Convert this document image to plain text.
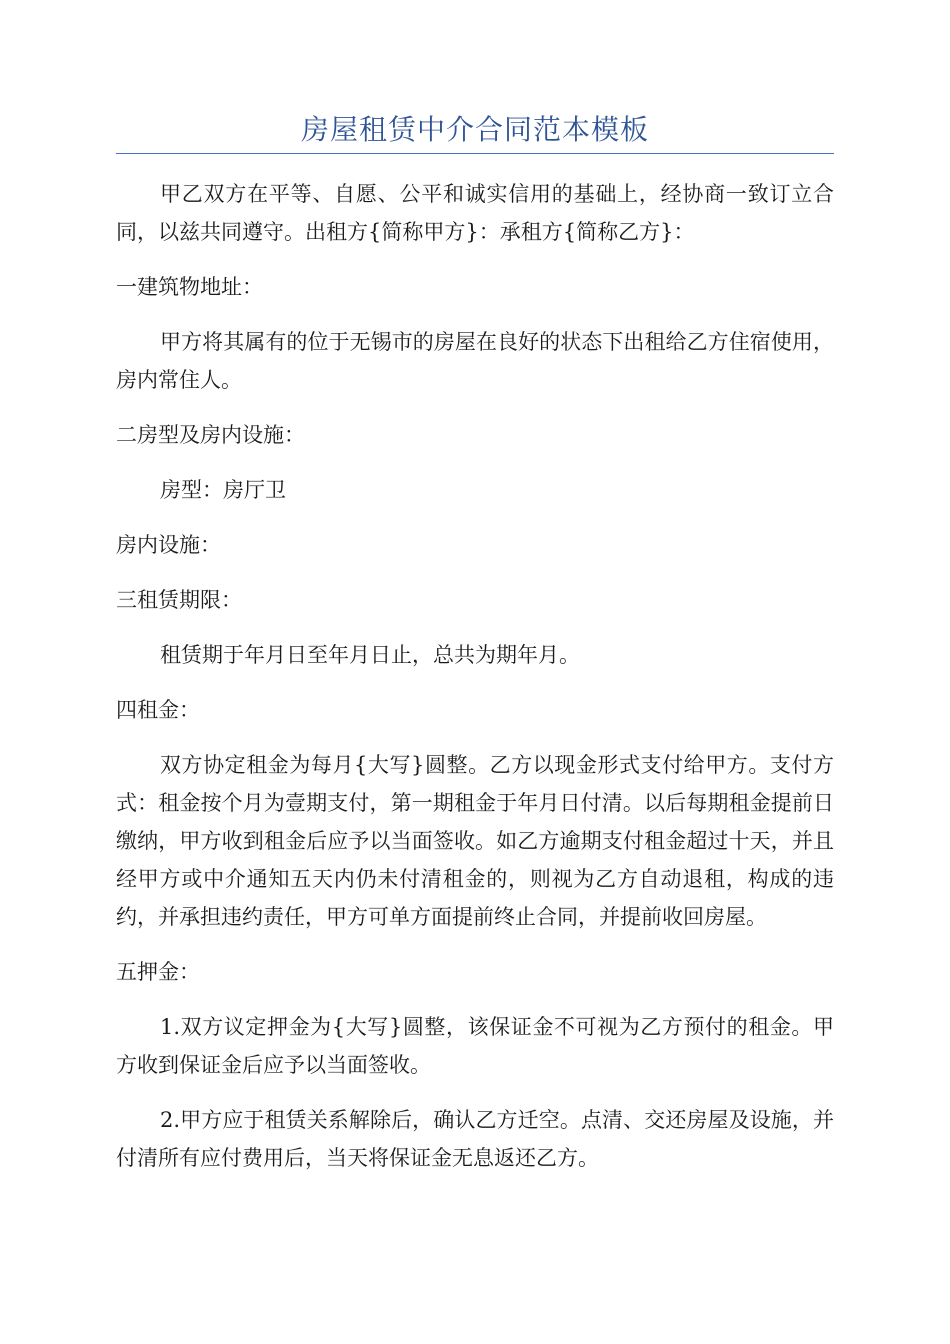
房屋租赁中介合同范本模板

甲乙双方在平等、自愿、公平和诚实信用的基础上，经协商一致订立合同，以兹共同遵守。出租方{简称甲方}：承租方{简称乙方}：

一建筑物地址：

甲方将其属有的位于无锡市的房屋在良好的状态下出租给乙方住宿使用，房内常住人。

二房型及房内设施：

房型：房厅卫

房内设施：

三租赁期限：

租赁期于年月日至年月日止，总共为期年月。

四租金：

双方协定租金为每月{大写}圆整。乙方以现金形式支付给甲方。支付方式：租金按个月为壹期支付，第一期租金于年月日付清。以后每期租金提前日缴纳，甲方收到租金后应予以当面签收。如乙方逾期支付租金超过十天，并且经甲方或中介通知五天内仍未付清租金的，则视为乙方自动退租，构成的违约，并承担违约责任，甲方可单方面提前终止合同，并提前收回房屋。

五押金：

1.双方议定押金为{大写}圆整，该保证金不可视为乙方预付的租金。甲方收到保证金后应予以当面签收。

2.甲方应于租赁关系解除后，确认乙方迁空。点清、交还房屋及设施，并付清所有应付费用后，当天将保证金无息返还乙方。
